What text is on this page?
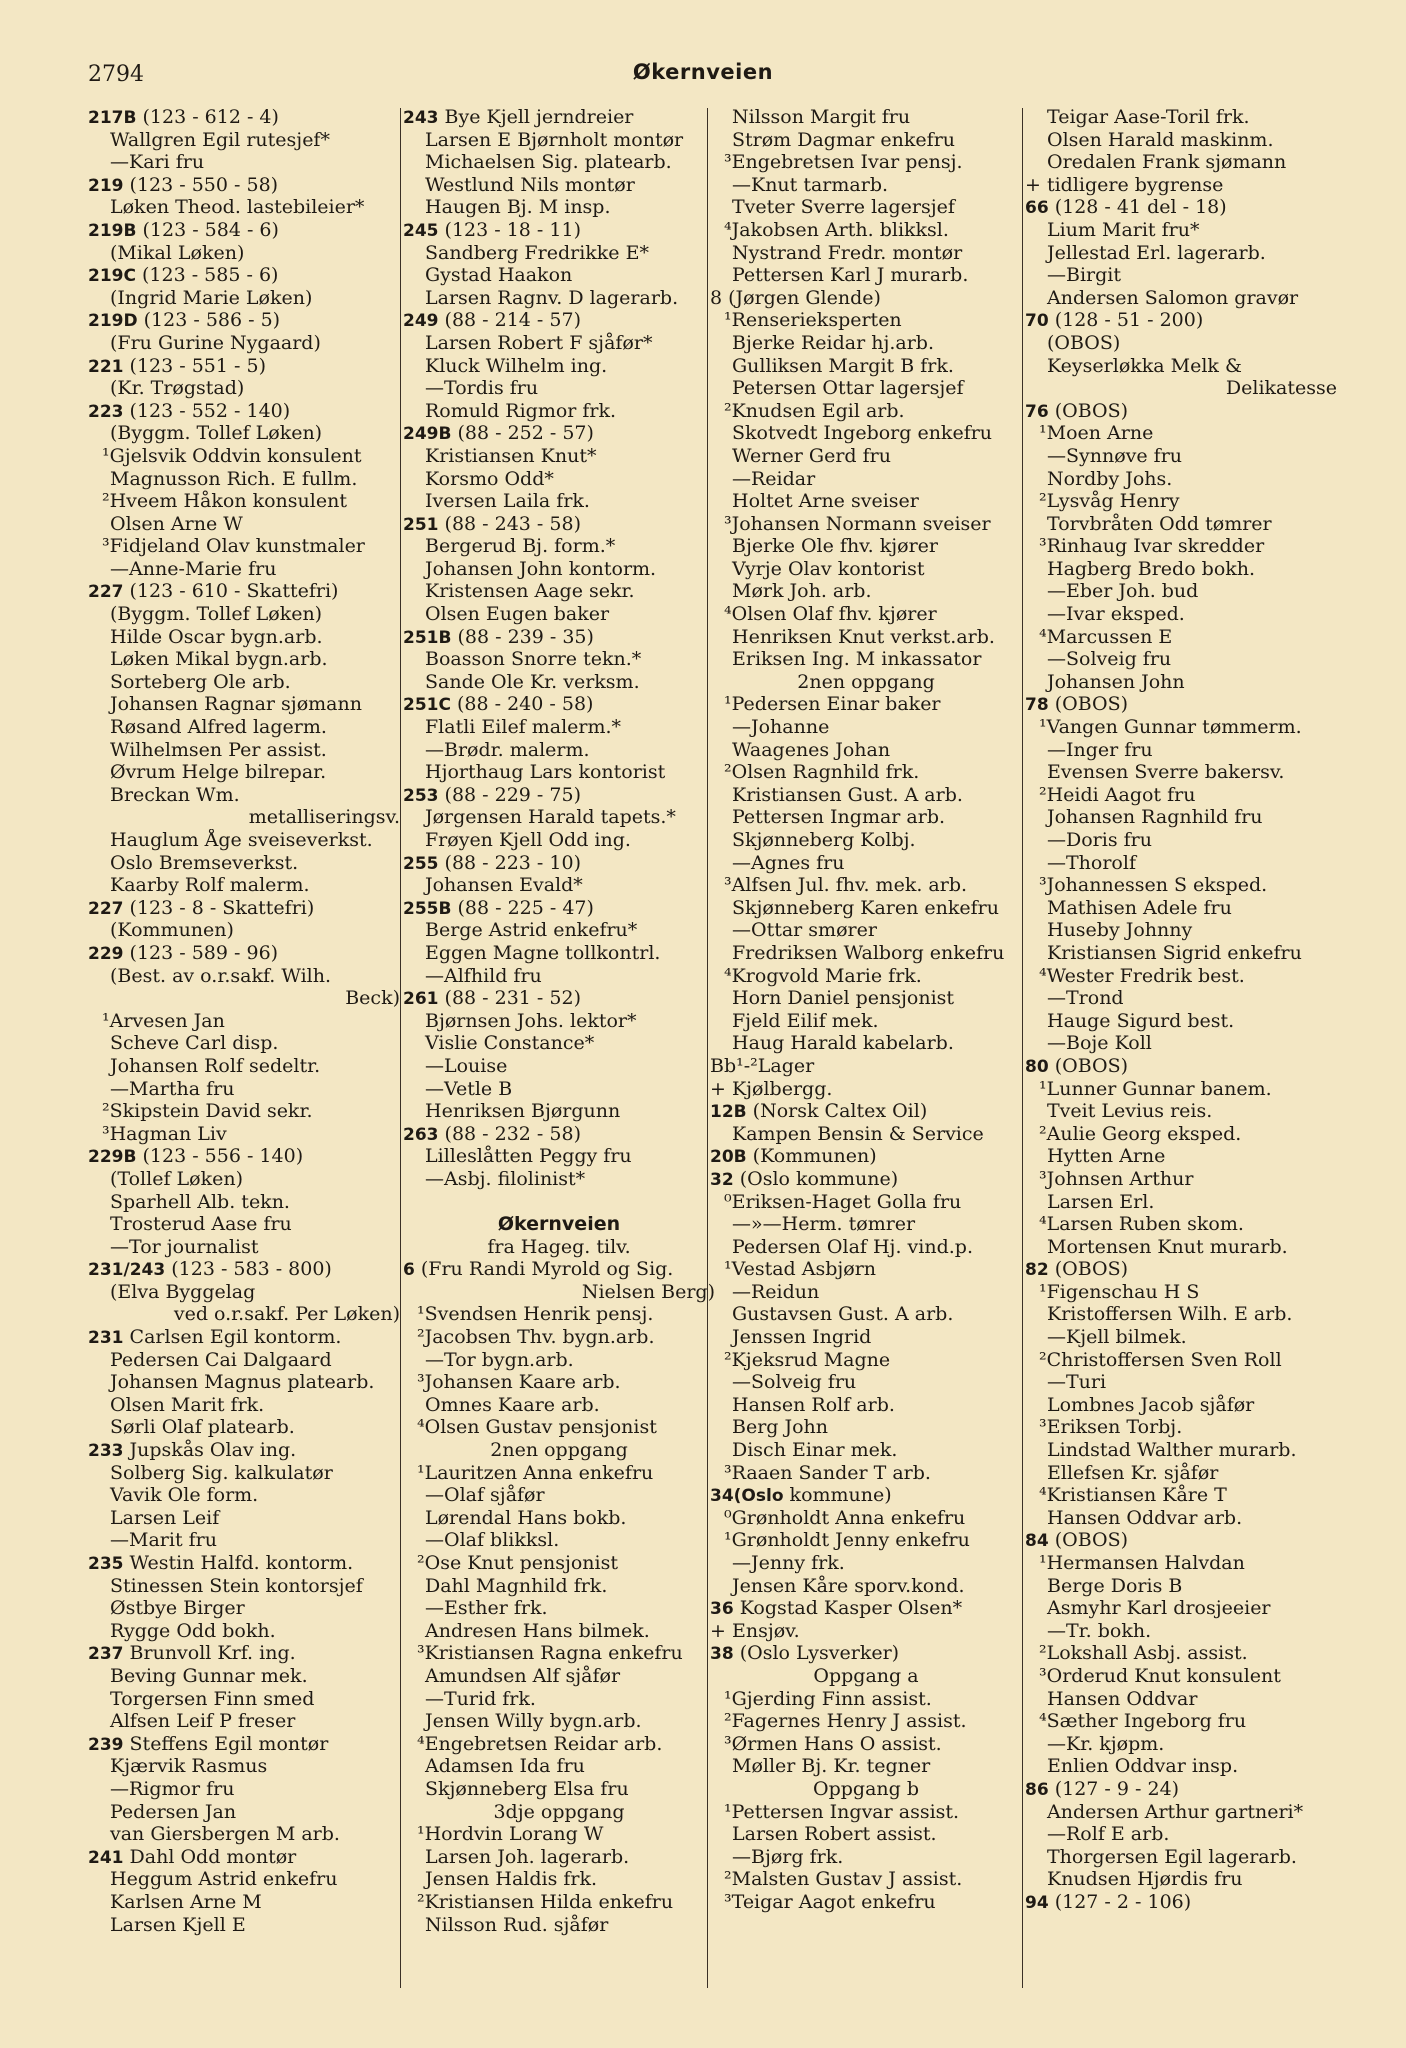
2794	Økernveien
217B (123 - 612 - 4)
Wallgren Egil rutesjef*
—Kari fru
219 (123 - 550 - 58)
Løken Theod. lastebileier*
219B (123 - 584 - 6)
(Mikal Løken)
219C (123 - 585 - 6)
(Ingrid Marie Løken)
219D (123 - 586 - 5)
(Fru Gurine Nygaard)
221 (123 - 551 - 5)
(Kr. Trøgstad)
223 (123 - 552 - 140)
(Byggm. Tollef Løken)
¹Gjelsvik Oddvin konsulent
Magnusson Rich. E fullm.
²Hveem Håkon konsulent
Olsen Arne W
³Fidjeland Olav kunstmaler
—Anne-Marie fru
227 (123 - 610 - Skattefri)
(Byggm. Tollef Løken)
Hilde Oscar bygn.arb.
Løken Mikal bygn.arb.
Sorteberg Ole arb.
Johansen Ragnar sjømann
Røsand Alfred lagerm.
Wilhelmsen Per assist.
Øvrum Helge bilrepar.
Breckan Wm.
metalliseringsv.
Hauglum Åge sveiseverkst.
Oslo Bremseverkst.
Kaarby Rolf malerm.
227 (123 - 8 - Skattefri)
(Kommunen)
229 (123 - 589 - 96)
(Best. av o.r.sakf. Wilh.
Beck)
¹Arvesen Jan
Scheve Carl disp.
Johansen Rolf sedeltr.
—Martha fru
²Skipstein David sekr.
³Hagman Liv
229B (123 - 556 - 140)
(Tollef Løken)
Sparhell Alb. tekn.
Trosterud Aase fru
—Tor journalist
231/243 (123 - 583 - 800)
(Elva Byggelag
ved o.r.sakf. Per Løken)
231 Carlsen Egil kontorm.
Pedersen Cai Dalgaard
Johansen Magnus platearb.
Olsen Marit frk.
Sørli Olaf platearb.
233 Jupskås Olav ing.
Solberg Sig. kalkulatør
Vavik Ole form.
Larsen Leif
—Marit fru
235 Westin Halfd. kontorm.
Stinessen Stein kontorsjef
Østbye Birger
Rygge Odd bokh.
237 Brunvoll Krf. ing.
Beving Gunnar mek.
Torgersen Finn smed
Alfsen Leif P freser
239 Steffens Egil montør
Kjærvik Rasmus
—Rigmor fru
Pedersen Jan
van Giersbergen M arb.
241 Dahl Odd montør
Heggum Astrid enkefru
Karlsen Arne M
Larsen Kjell E
243 Bye Kjell jerndreier
Larsen E Bjørnholt montør
Michaelsen Sig. platearb.
Westlund Nils montør
Haugen Bj. M insp.
245 (123 - 18 - 11)
Sandberg Fredrikke E*
Gystad Haakon
Larsen Ragnv. D lagerarb.
249 (88 - 214 - 57)
Larsen Robert F sjåfør*
Kluck Wilhelm ing.
—Tordis fru
Romuld Rigmor frk.
249B (88 - 252 - 57)
Kristiansen Knut*
Korsmo Odd*
Iversen Laila frk.
251 (88 - 243 - 58)
Bergerud Bj. form.*
Johansen John kontorm.
Kristensen Aage sekr.
Olsen Eugen baker
251B (88 - 239 - 35)
Boasson Snorre tekn.*
Sande Ole Kr. verksm.
251C (88 - 240 - 58)
Flatli Eilef malerm.*
—Brødr. malerm.
Hjorthaug Lars kontorist
253 (88 - 229 - 75)
Jørgensen Harald tapets.*
Frøyen Kjell Odd ing.
255 (88 - 223 - 10)
Johansen Evald*
255B (88 - 225 - 47)
Berge Astrid enkefru*
Eggen Magne tollkontrl.
—Alfhild fru
261 (88 - 231 - 52)
Bjørnsen Johs. lektor*
Vislie Constance*
—Louise
—Vetle B
Henriksen Bjørgunn
263 (88 - 232 - 58)
Lilleslåtten Peggy fru
—Asbj. filolinist*

Økernveien
fra Hageg. tilv.
6 (Fru Randi Myrold og Sig.
Nielsen Berg)
¹Svendsen Henrik pensj.
²Jacobsen Thv. bygn.arb.
—Tor bygn.arb.
³Johansen Kaare arb.
Omnes Kaare arb.
⁴Olsen Gustav pensjonist
2nen oppgang
¹Lauritzen Anna enkefru
—Olaf sjåfør
Lørendal Hans bokb.
—Olaf blikksl.
²Ose Knut pensjonist
Dahl Magnhild frk.
—Esther frk.
Andresen Hans bilmek.
³Kristiansen Ragna enkefru
Amundsen Alf sjåfør
—Turid frk.
Jensen Willy bygn.arb.
⁴Engebretsen Reidar arb.
Adamsen Ida fru
Skjønneberg Elsa fru
3dje oppgang
¹Hordvin Lorang W
Larsen Joh. lagerarb.
Jensen Haldis frk.
²Kristiansen Hilda enkefru
Nilsson Rud. sjåfør
Nilsson Margit fru
Strøm Dagmar enkefru
³Engebretsen Ivar pensj.
—Knut tarmarb.
Tveter Sverre lagersjef
⁴Jakobsen Arth. blikksl.
Nystrand Fredr. montør
Pettersen Karl J murarb.
8 (Jørgen Glende)
¹Renserieksperten
Bjerke Reidar hj.arb.
Gulliksen Margit B frk.
Petersen Ottar lagersjef
²Knudsen Egil arb.
Skotvedt Ingeborg enkefru
Werner Gerd fru
—Reidar
Holtet Arne sveiser
³Johansen Normann sveiser
Bjerke Ole fhv. kjører
Vyrje Olav kontorist
Mørk Joh. arb.
⁴Olsen Olaf fhv. kjører
Henriksen Knut verkst.arb.
Eriksen Ing. M inkassator
2nen oppgang
¹Pedersen Einar baker
—Johanne
Waagenes Johan
²Olsen Ragnhild frk.
Kristiansen Gust. A arb.
Pettersen Ingmar arb.
Skjønneberg Kolbj.
—Agnes fru
³Alfsen Jul. fhv. mek. arb.
Skjønneberg Karen enkefru
—Ottar smører
Fredriksen Walborg enkefru
⁴Krogvold Marie frk.
Horn Daniel pensjonist
Fjeld Eilif mek.
Haug Harald kabelarb.
Bb¹-²Lager
+ Kjølbergg.
12B (Norsk Caltex Oil)
Kampen Bensin & Service
20B (Kommunen)
32 (Oslo kommune)
⁰Eriksen-Haget Golla fru
—»—Herm. tømrer
Pedersen Olaf Hj. vind.p.
¹Vestad Asbjørn
—Reidun
Gustavsen Gust. A arb.
Jenssen Ingrid
²Kjeksrud Magne
—Solveig fru
Hansen Rolf arb.
Berg John
Disch Einar mek.
³Raaen Sander T arb.
34(Oslo kommune)
⁰Grønholdt Anna enkefru
¹Grønholdt Jenny enkefru
—Jenny frk.
Jensen Kåre sporv.kond.
36 Kogstad Kasper Olsen*
+ Ensjøv.
38 (Oslo Lysverker)
Oppgang a
¹Gjerding Finn assist.
²Fagernes Henry J assist.
³Ørmen Hans O assist.
Møller Bj. Kr. tegner
Oppgang b
¹Pettersen Ingvar assist.
Larsen Robert assist.
—Bjørg frk.
²Malsten Gustav J assist.
³Teigar Aagot enkefru
Teigar Aase-Toril frk.
Olsen Harald maskinm.
Oredalen Frank sjømann
+ tidligere bygrense
66 (128 - 41 del - 18)
Lium Marit fru*
Jellestad Erl. lagerarb.
—Birgit
Andersen Salomon gravør
70 (128 - 51 - 200)
(OBOS)
Keyserløkka Melk &
Delikatesse
76 (OBOS)
¹Moen Arne
—Synnøve fru
Nordby Johs.
²Lysvåg Henry
Torvbråten Odd tømrer
³Rinhaug Ivar skredder
Hagberg Bredo bokh.
—Eber Joh. bud
—Ivar eksped.
⁴Marcussen E
—Solveig fru
Johansen John
78 (OBOS)
¹Vangen Gunnar tømmerm.
—Inger fru
Evensen Sverre bakersv.
²Heidi Aagot fru
Johansen Ragnhild fru
—Doris fru
—Thorolf
³Johannessen S eksped.
Mathisen Adele fru
Huseby Johnny
Kristiansen Sigrid enkefru
⁴Wester Fredrik best.
—Trond
Hauge Sigurd best.
—Boje Koll
80 (OBOS)
¹Lunner Gunnar banem.
Tveit Levius reis.
²Aulie Georg eksped.
Hytten Arne
³Johnsen Arthur
Larsen Erl.
⁴Larsen Ruben skom.
Mortensen Knut murarb.
82 (OBOS)
¹Figenschau H S
Kristoffersen Wilh. E arb.
—Kjell bilmek.
²Christoffersen Sven Roll
—Turi
Lombnes Jacob sjåfør
³Eriksen Torbj.
Lindstad Walther murarb.
Ellefsen Kr. sjåfør
⁴Kristiansen Kåre T
Hansen Oddvar arb.
84 (OBOS)
¹Hermansen Halvdan
Berge Doris B
Asmyhr Karl drosjeeier
—Tr. bokh.
²Lokshall Asbj. assist.
³Orderud Knut konsulent
Hansen Oddvar
⁴Sæther Ingeborg fru
—Kr. kjøpm.
Enlien Oddvar insp.
86 (127 - 9 - 24)
Andersen Arthur gartneri*
—Rolf E arb.
Thorgersen Egil lagerarb.
Knudsen Hjørdis fru
94 (127 - 2 - 106)
